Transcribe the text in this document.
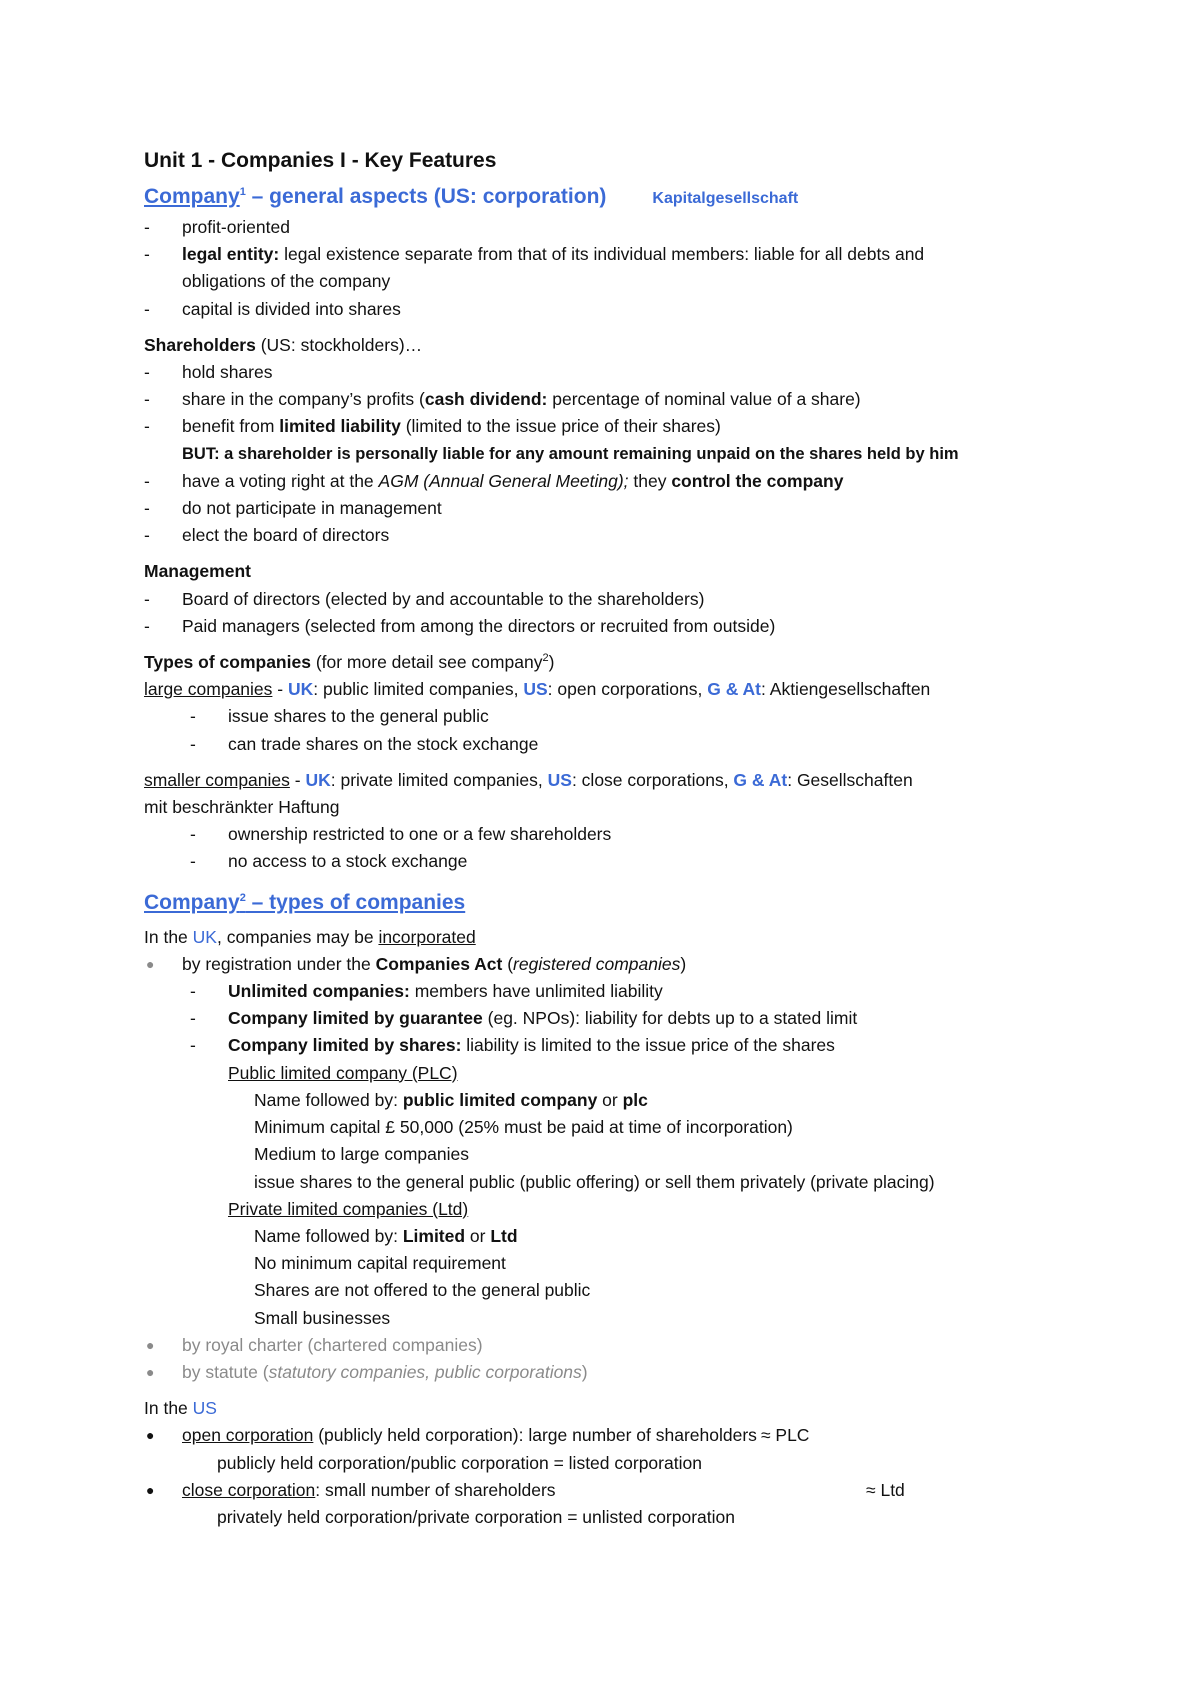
Unit 1 - Companies I - Key Features
Company$^1$ – general aspects (US: corporation)	Kapitalgesellschaft
- profit-oriented
- legal entity: legal existence separate from that of its individual members: liable for all debts and
obligations of the company
- capital is divided into shares
Shareholders (US: stockholders)…
- hold shares
- share in the company’s profits (cash dividend: percentage of nominal value of a share)
- benefit from limited liability (limited to the issue price of their shares)
BUT: a shareholder is personally liable for any amount remaining unpaid on the shares held by him
- have a voting right at the AGM (Annual General Meeting); they control the company
- do not participate in management
- elect the board of directors
Management
- Board of directors (elected by and accountable to the shareholders)
- Paid managers (selected from among the directors or recruited from outside)
Types of companies (for more detail see company$^2$)
large companies - UK: public limited companies, US: open corporations, G & At: Aktiengesellschaften
- issue shares to the general public
- can trade shares on the stock exchange
smaller companies - UK: private limited companies, US: close corporations, G & At: Gesellschaften
mit beschränkter Haftung
- ownership restricted to one or a few shareholders
- no access to a stock exchange
Company$^2$ – types of companies
In the UK, companies may be incorporated
● by registration under the Companies Act (registered companies)
- Unlimited companies: members have unlimited liability
- Company limited by guarantee (eg. NPOs): liability for debts up to a stated limit
- Company limited by shares: liability is limited to the issue price of the shares
Public limited company (PLC)
Name followed by: public limited company or plc
Minimum capital £ 50,000 (25% must be paid at time of incorporation)
Medium to large companies
issue shares to the general public (public offering) or sell them privately (private placing)
Private limited companies (Ltd)
Name followed by: Limited or Ltd
No minimum capital requirement
Shares are not offered to the general public
Small businesses
● by royal charter (chartered companies)
● by statute (statutory companies, public corporations)
In the US
● open corporation (publicly held corporation): large number of shareholders ≈ PLC
publicly held corporation/public corporation = listed corporation
● close corporation: small number of shareholders	≈ Ltd
privately held corporation/private corporation = unlisted corporation
